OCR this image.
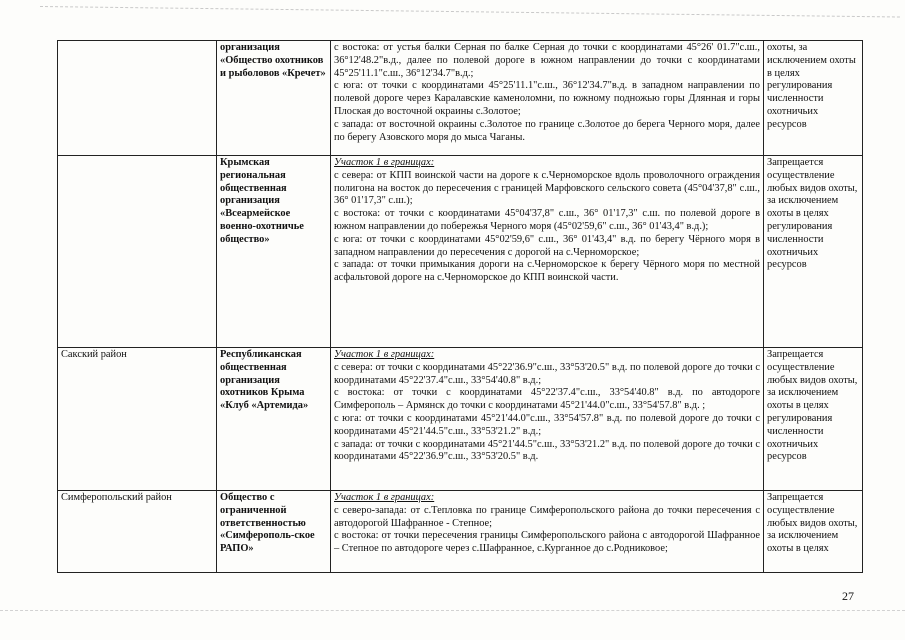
	организация «Общество охотников и рыболовов «Кречет»	с востока: от устья балки Серная по балке Серная до точки с координатами 45°26' 01.7"с.ш., 36°12'48.2"в.д., далее по полевой дороге в южном направлении до точки с координатами 45°25'11.1"с.ш., 36°12'34.7"в.д.;
с юга: от точки с координатами 45°25'11.1"с.ш., 36°12'34.7"в.д. в западном направлении по полевой дороге через Каралавские каменоломни, по южному подножью горы Длянная и горы Плоская до восточной окраины с.Золотое;
с запада: от восточной окраины с.Золотое по границе с.Золотое до берега Черного моря, далее по берегу Азовского моря до мыса Чаганы.	охоты, за исключением охоты в целях регулирования численности охотничьих ресурсов
	Крымская региональная общественная организация «Всеармейское военно-охотничье общество»	Участок 1 в границах:
с севера: от КПП воинской части на дороге к с.Черноморское вдоль проволочного ограждения полигона на восток до пересечения с границей Марфовского сельского совета (45°04'37,8" с.ш., 36° 01'17,3" с.ш.);
с востока: от точки с координатами 45°04'37,8" с.ш., 36° 01'17,3" с.ш. по полевой дороге в южном направлении до побережья Черного моря (45°02'59,6" с.ш., 36° 01'43,4" в.д.);
с юга: от точки с координатами 45°02'59,6" с.ш., 36° 01'43,4" в.д. по берегу Чёрного моря в западном направлении до пересечения с дорогой на с.Черноморское;
с запада: от точки примыкания дороги на с.Черноморское к берегу Чёрного моря по местной асфальтовой дороге на с.Черноморское до КПП воинской части.	Запрещается осуществление любых видов охоты, за исключением охоты в целях регулирования численности охотничьих ресурсов
Сакский район	Республиканская общественная организация охотников Крыма «Клуб «Артемида»	Участок 1 в границах:
с севера: от точки с координатами 45°22'36.9"с.ш., 33°53'20.5" в.д. по полевой дороге до точки с координатами 45°22'37.4"с.ш., 33°54'40.8" в.д.;
с востока: от точки с координатами 45°22'37.4"с.ш., 33°54'40.8" в.д. по автодороге Симферополь – Армянск до точки с координатами 45°21'44.0"с.ш., 33°54'57.8" в.д. ;
с юга: от точки с координатами 45°21'44.0"с.ш., 33°54'57.8" в.д. по полевой дороге до точки с координатами 45°21'44.5"с.ш., 33°53'21.2" в.д.;
с запада: от точки с координатами 45°21'44.5"с.ш., 33°53'21.2" в.д. по полевой дороге до точки с координатами 45°22'36.9"с.ш., 33°53'20.5" в.д.	Запрещается осуществление любых видов охоты, за исключением охоты в целях регулирования численности охотничьих ресурсов
Симферопольский район	Общество с ограниченной ответственностью «Симферополь-ское РАПО»	Участок 1 в границах:
с северо-запада: от с.Тепловка по границе Симферопольского района до точки пересечения с автодорогой Шафранное - Степное;
с востока: от точки пересечения границы Симферопольского района с автодорогой Шафранное – Степное по автодороге через с.Шафранное, с.Курганное до с.Родниковое;	Запрещается осуществление любых видов охоты, за исключением охоты в целях
27
